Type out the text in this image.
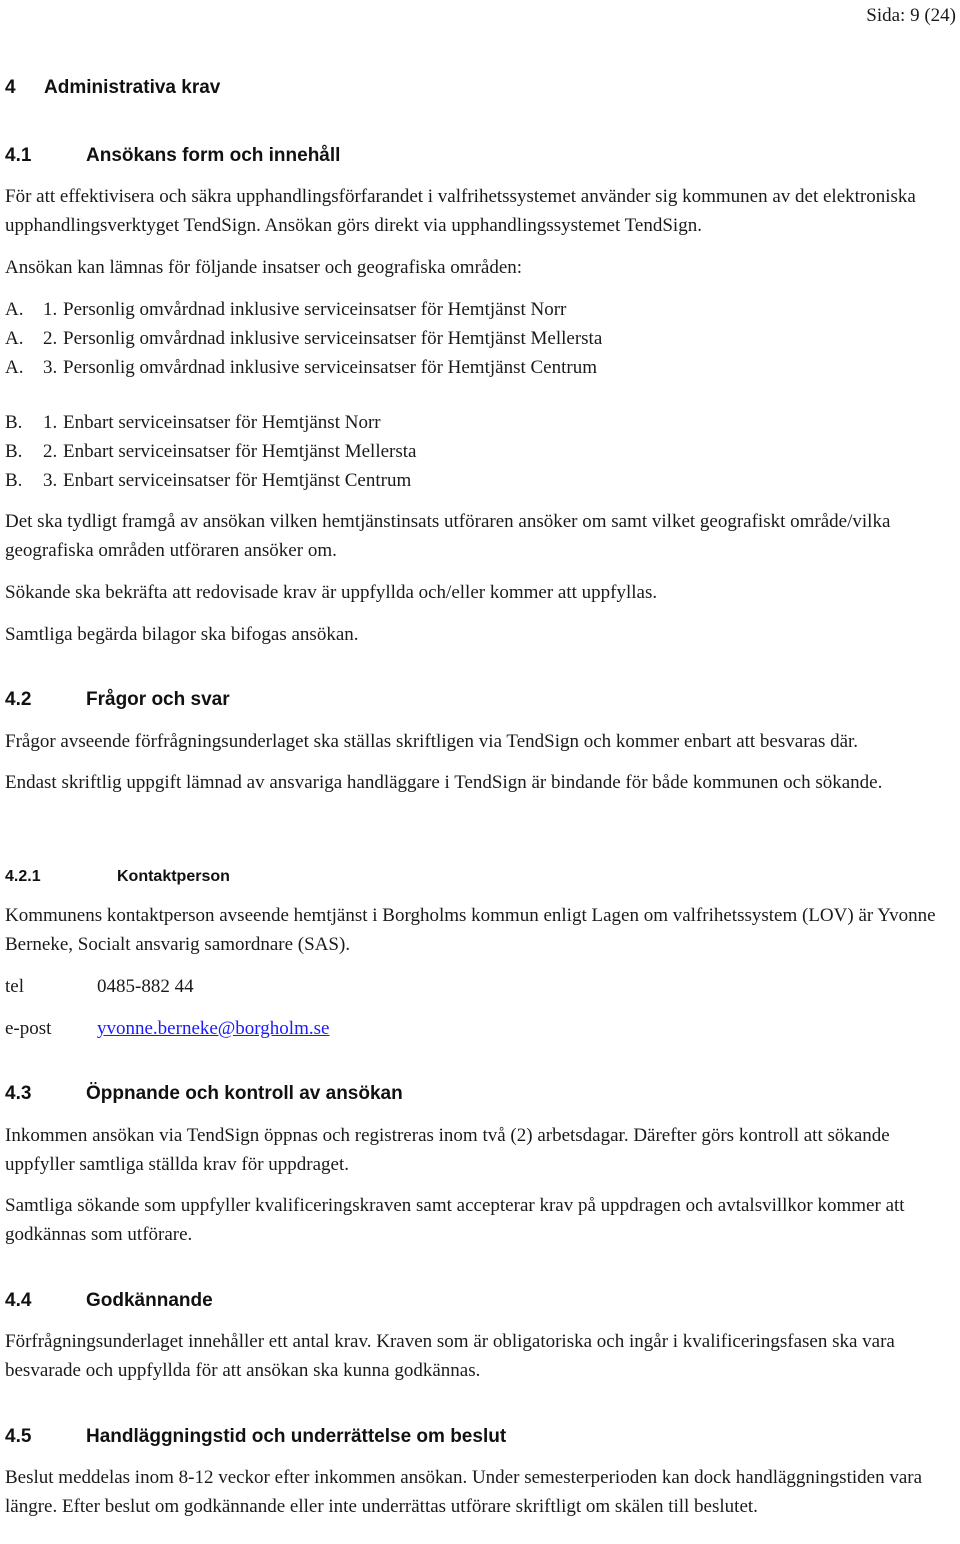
Sida: 9 (24)
4 Administrativa krav
4.1	Ansökans form och innehåll

För att effektivisera och säkra upphandlingsförfarandet i valfrihetssystemet använder sig kommunen av det elektroniska upphandlingsverktyget TendSign. Ansökan görs direkt via upphandlingssystemet TendSign.

Ansökan kan lämnas för följande insatser och geografiska områden:

A. 1. Personlig omvårdnad inklusive serviceinsatser för Hemtjänst Norr
A. 2. Personlig omvårdnad inklusive serviceinsatser för Hemtjänst Mellersta
A. 3. Personlig omvårdnad inklusive serviceinsatser för Hemtjänst Centrum
B. 1. Enbart serviceinsatser för Hemtjänst Norr
B. 2. Enbart serviceinsatser för Hemtjänst Mellersta
B. 3. Enbart serviceinsatser för Hemtjänst Centrum

Det ska tydligt framgå av ansökan vilken hemtjänstinsats utföraren ansöker om samt vilket geografiskt område/vilka geografiska områden utföraren ansöker om.

Sökande ska bekräfta att redovisade krav är uppfyllda och/eller kommer att uppfyllas.

Samtliga begärda bilagor ska bifogas ansökan.

4.2	Frågor och svar

Frågor avseende förfrågningsunderlaget ska ställas skriftligen via TendSign och kommer enbart att besvaras där.

Endast skriftlig uppgift lämnad av ansvariga handläggare i TendSign är bindande för både kommunen och sökande.

4.2.1	Kontaktperson

Kommunens kontaktperson avseende hemtjänst i Borgholms kommun enligt Lagen om valfrihetssystem (LOV) är Yvonne Berneke, Socialt ansvarig samordnare (SAS).

tel	0485-882 44
e-post yvonne.berneke@borgholm.se
4.3	Öppnande och kontroll av ansökan

Inkommen ansökan via TendSign öppnas och registreras inom två (2) arbetsdagar. Därefter görs kontroll att sökande uppfyller samtliga ställda krav för uppdraget.

Samtliga sökande som uppfyller kvalificeringskraven samt accepterar krav på uppdragen och avtalsvillkor kommer att godkännas som utförare.

4.4	Godkännande

Förfrågningsunderlaget innehåller ett antal krav. Kraven som är obligatoriska och ingår i kvalificeringsfasen ska vara besvarade och uppfyllda för att ansökan ska kunna godkännas.

4.5	Handläggningstid och underrättelse om beslut

Beslut meddelas inom 8-12 veckor efter inkommen ansökan. Under semesterperioden kan dock handläggningstiden vara längre. Efter beslut om godkännande eller inte underrättas utförare skriftligt om skälen till beslutet.
